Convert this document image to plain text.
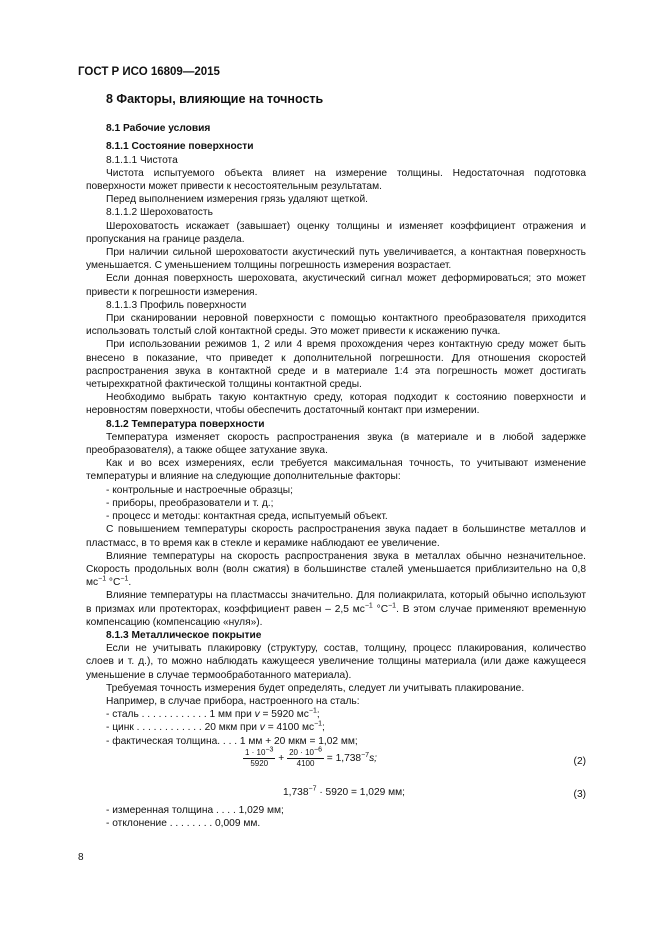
ГОСТ Р ИСО 16809—2015
8 Факторы, влияющие на точность
8.1 Рабочие условия
8.1.1 Состояние поверхности
8.1.1.1 Чистота

Чистота испытуемого объекта влияет на измерение толщины. Недостаточная подготовка поверхности может привести к несостоятельным результатам.

Перед выполнением измерения грязь удаляют щеткой.

8.1.1.2 Шероховатость

Шероховатость искажает (завышает) оценку толщины и изменяет коэффициент отражения и пропускания на границе раздела.

При наличии сильной шероховатости акустический путь увеличивается, а контактная поверхность уменьшается. С уменьшением толщины погрешность измерения возрастает.

Если донная поверхность шероховата, акустический сигнал может деформироваться; это может привести к погрешности измерения.

8.1.1.3 Профиль поверхности

При сканировании неровной поверхности с помощью контактного преобразователя приходится использовать толстый слой контактной среды. Это может привести к искажению пучка.

При использовании режимов 1, 2 или 4 время прохождения через контактную среду может быть внесено в показание, что приведет к дополнительной погрешности. Для отношения скоростей распространения звука в контактной среде и в материале 1:4 эта погрешность может достигать четырехкратной фактической толщины контактной среды.

Необходимо выбрать такую контактную среду, которая подходит к состоянию поверхности и неровностям поверхности, чтобы обеспечить достаточный контакт при измерении.

8.1.2 Температура поверхности

Температура изменяет скорость распространения звука (в материале и в любой задержке преобразователя), а также общее затухание звука.

Как и во всех измерениях, если требуется максимальная точность, то учитывают изменение температуры и влияние на следующие дополнительные факторы:

- контрольные и настроечные образцы;

- приборы, преобразователи и т. д.;

- процесс и методы: контактная среда, испытуемый объект.

С повышением температуры скорость распространения звука падает в большинстве металлов и пластмасс, в то время как в стекле и керамике наблюдают ее увеличение.

Влияние температуры на скорость распространения звука в металлах обычно незначительное. Скорость продольных волн (волн сжатия) в большинстве сталей уменьшается приблизительно на 0,8 $мс^{-1}$ $^\circ С^{-1}$.

Влияние температуры на пластмассы значительно. Для полиакрилата, который обычно используют в призмах или протекторах, коэффициент равен – 2,5 $мс^{-1}$ $^\circ С^{-1}$. В этом случае применяют временную компенсацию (компенсацию «нуля»).

8.1.3 Металлическое покрытие

Если не учитывать плакировку (структуру, состав, толщину, процесс плакирования, количество слоев и т. д.), то можно наблюдать кажущееся увеличение толщины материала (или даже кажущееся уменьшение в случае термообработанного материала).

Требуемая точность измерения будет определять, следует ли учитывать плакирование.

Например, в случае прибора, настроенного на сталь:

- сталь . . . . . . . . . . . . 1 мм при v = 5920 $мс^{-1}$;

- цинк . . . . . . . . . . . . 20 мкм при v = 4100 $мс^{-1}$;

- фактическая толщина. . . . 1 мм + 20 мкм = 1,02 мм;

$\frac{1 \cdot 10^{-3}}{5920} + \frac{20 \cdot 10^{-6}}{4100} = 1,738^{-7}s$;	(2)
$1,738^{-7} \cdot 5920 = 1,029$ мм;	(3)

- измеренная толщина . . . . 1,029 мм;

- отклонение . . . . . . . . 0,009 мм.

8
